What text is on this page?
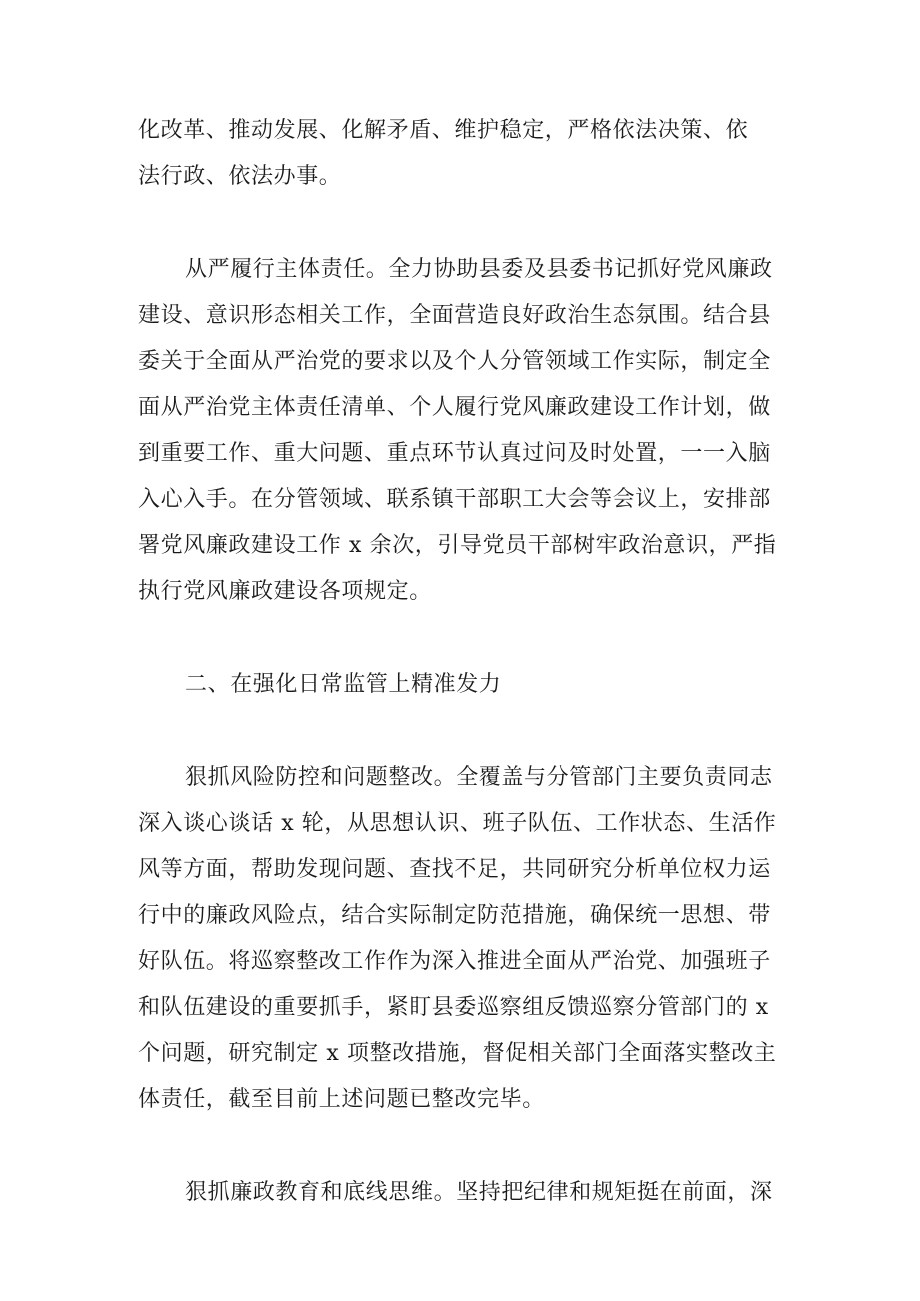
化改革、推动发展、化解矛盾、维护稳定，严格依法决策、依
法行政、依法办事。
从严履行主体责任。全力协助县委及县委书记抓好党风廉政
建设、意识形态相关工作，全面营造良好政治生态氛围。结合县
委关于全面从严治党的要求以及个人分管领域工作实际，制定全
面从严治党主体责任清单、个人履行党风廉政建设工作计划，做
到重要工作、重大问题、重点环节认真过问及时处置，一一入脑
入心入手。在分管领域、联系镇干部职工大会等会议上，安排部
署党风廉政建设工作 x 余次，引导党员干部树牢政治意识，严指
执行党风廉政建设各项规定。
二、在强化日常监管上精准发力
狠抓风险防控和问题整改。全覆盖与分管部门主要负责同志
深入谈心谈话 x 轮，从思想认识、班子队伍、工作状态、生活作
风等方面，帮助发现问题、查找不足，共同研究分析单位权力运
行中的廉政风险点，结合实际制定防范措施，确保统一思想、带
好队伍。将巡察整改工作作为深入推进全面从严治党、加强班子
和队伍建设的重要抓手，紧盯县委巡察组反馈巡察分管部门的 x
个问题，研究制定 x 项整改措施，督促相关部门全面落实整改主
体责任，截至目前上述问题已整改完毕。
狠抓廉政教育和底线思维。坚持把纪律和规矩挺在前面，深
